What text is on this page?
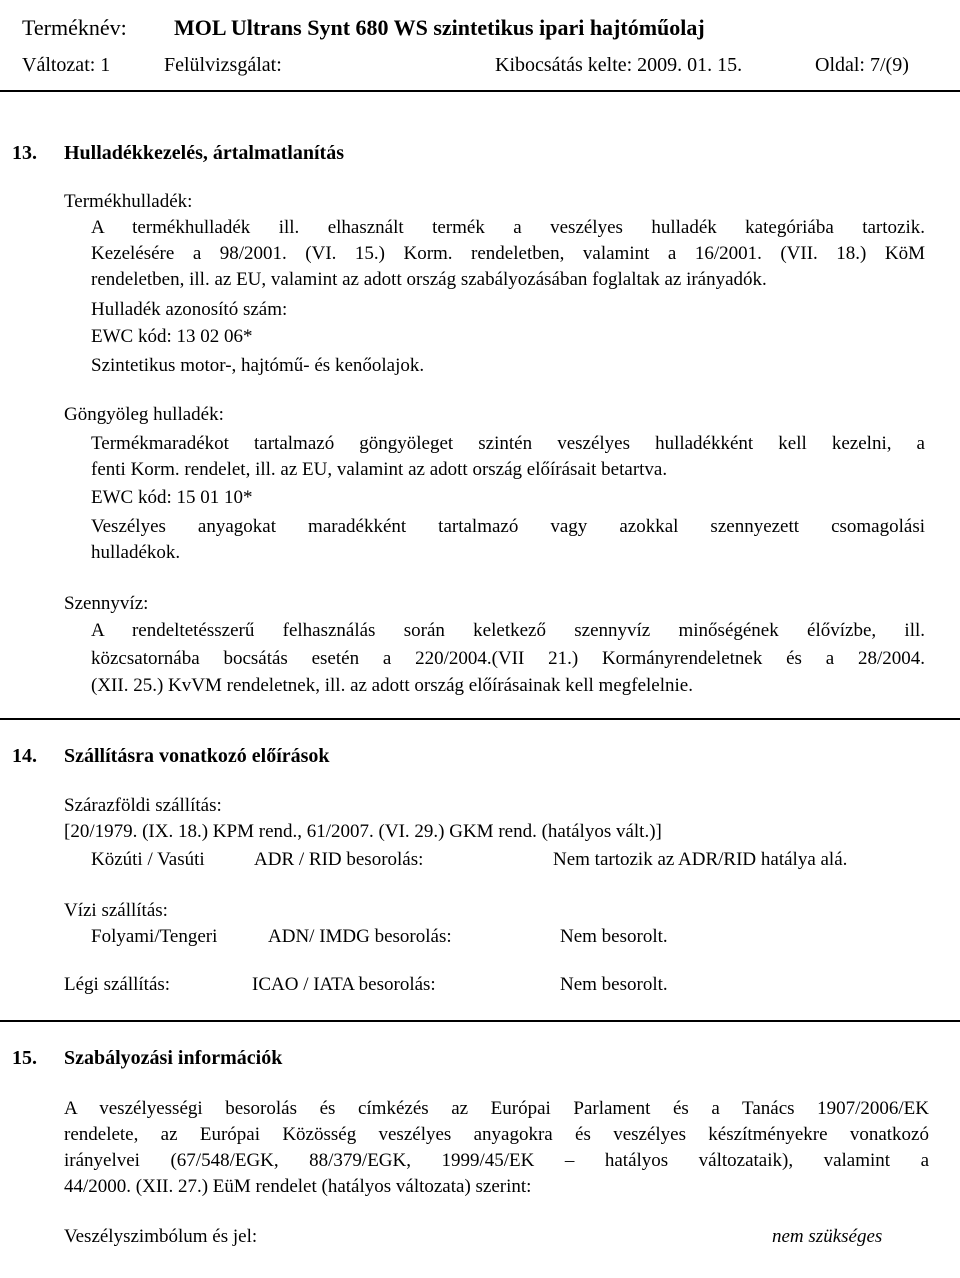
Terméknév: MOL Ultrans Synt 680 WS szintetikus ipari hajtóműolaj
Változat: 1	Felülvizsgálat:	Kibocsátás kelte: 2009. 01. 15.	Oldal: 7/(9)
13. Hulladékkezelés, ártalmatlanítás
Termékhulladék:
A termékhulladék ill. elhasznált termék a veszélyes hulladék kategóriába tartozik.
Kezelésére a 98/2001. (VI. 15.) Korm. rendeletben, valamint a 16/2001. (VII. 18.) KöM
rendeletben, ill. az EU, valamint az adott ország szabályozásában foglaltak az irányadók.
Hulladék azonosító szám:
EWC kód: 13 02 06*
Szintetikus motor-, hajtómű- és kenőolajok.
Göngyöleg hulladék:
Termékmaradékot tartalmazó göngyöleget szintén veszélyes hulladékként kell kezelni, a
fenti Korm. rendelet, ill. az EU, valamint az adott ország előírásait betartva.
EWC kód: 15 01 10*
Veszélyes anyagokat maradékként tartalmazó vagy azokkal szennyezett csomagolási
hulladékok.
Szennyvíz:
A rendeltetésszerű felhasználás során keletkező szennyvíz minőségének élővízbe, ill.
közcsatornába bocsátás esetén a 220/2004.(VII 21.) Kormányrendeletnek és a 28/2004.
(XII. 25.) KvVM rendeletnek, ill. az adott ország előírásainak kell megfelelnie.
14. Szállításra vonatkozó előírások
Szárazföldi szállítás:
[20/1979. (IX. 18.) KPM rend., 61/2007. (VI. 29.) GKM rend. (hatályos vált.)]
Közúti / Vasúti	ADR / RID besorolás:	Nem tartozik az ADR/RID hatálya alá.
Vízi szállítás:
Folyami/Tengeri	ADN/ IMDG besorolás:	Nem besorolt.
Légi szállítás:	ICAO / IATA besorolás:	Nem besorolt.
15. Szabályozási információk
A veszélyességi besorolás és címkézés az Európai Parlament és a Tanács 1907/2006/EK
rendelete, az Európai Közösség veszélyes anyagokra és veszélyes készítményekre vonatkozó
irányelvei (67/548/EGK, 88/379/EGK, 1999/45/EK – hatályos változataik), valamint a
44/2000. (XII. 27.) EüM rendelet (hatályos változata) szerint:
Veszélyszimbólum és jel:	nem szükséges
